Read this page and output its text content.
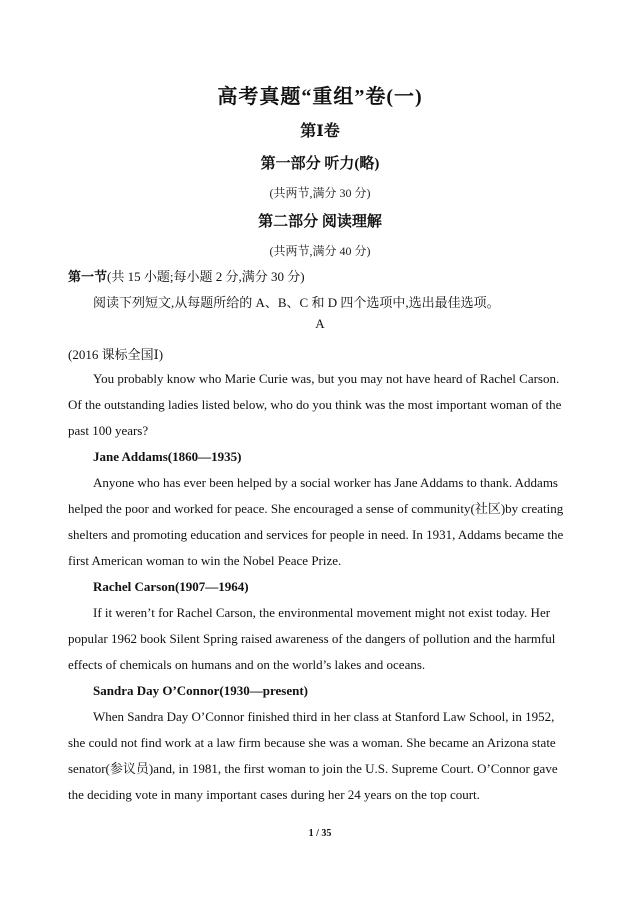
高考真题“重组”卷(一)
第Ⅰ卷
第一部分 听力(略)
(共两节,满分 30 分)
第二部分 阅读理解
(共两节,满分 40 分)

第一节(共 15 小题;每小题 2 分,满分 30 分)

阅读下列短文,从每题所给的 A、B、C 和 D 四个选项中,选出最佳选项。

A

(2016 课标全国Ⅰ)

You probably know who Marie Curie was, but you may not have heard of Rachel Carson. Of the outstanding ladies listed below, who do you think was the most important woman of the past 100 years?

Jane Addams(1860—1935)

Anyone who has ever been helped by a social worker has Jane Addams to thank. Addams helped the poor and worked for peace. She encouraged a sense of community(社区)by creating shelters and promoting education and services for people in need. In 1931, Addams became the first American woman to win the Nobel Peace Prize.

Rachel Carson(1907—1964)

If it weren’t for Rachel Carson, the environmental movement might not exist today. Her popular 1962 book Silent Spring raised awareness of the dangers of pollution and the harmful effects of chemicals on humans and on the world’s lakes and oceans.

Sandra Day O’Connor(1930—present)

When Sandra Day O’Connor finished third in her class at Stanford Law School, in 1952, she could not find work at a law firm because she was a woman. She became an Arizona state senator(参议员)and, in 1981, the first woman to join the U.S. Supreme Court. O’Connor gave the deciding vote in many important cases during her 24 years on the top court.

1 / 35
